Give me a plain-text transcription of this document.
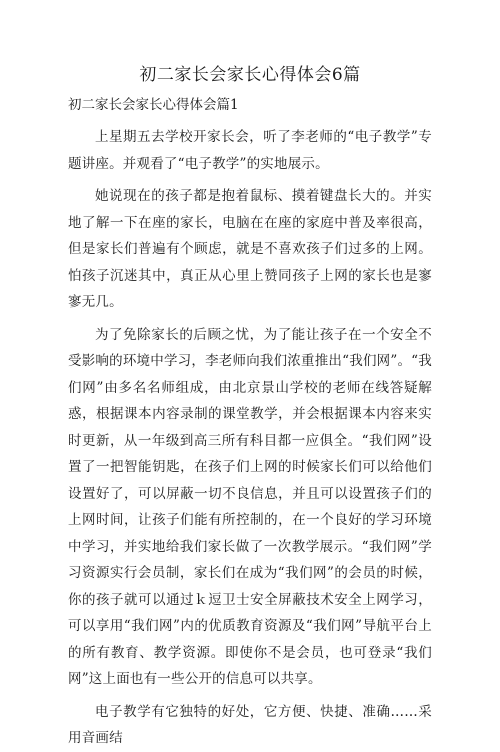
初二家长会家长心得体会6篇
初二家长会家长心得体会篇1

上星期五去学校开家长会，听了李老师的“电子教学”专题讲座。并观看了“电子教学”的实地展示。

她说现在的孩子都是抱着鼠标、摸着键盘长大的。并实地了解一下在座的家长，电脑在在座的家庭中普及率很高，但是家长们普遍有个顾虑，就是不喜欢孩子们过多的上网。怕孩子沉迷其中，真正从心里上赞同孩子上网的家长也是寥寥无几。

为了免除家长的后顾之忧，为了能让孩子在一个安全不受影响的环境中学习，李老师向我们浓重推出“我们网”。“我们网”由多名名师组成，由北京景山学校的老师在线答疑解惑，根据课本内容录制的课堂教学，并会根据课本内容来实时更新，从一年级到高三所有科目都一应俱全。“我们网”设置了一把智能钥匙，在孩子们上网的时候家长们可以给他们设置好了，可以屏蔽一切不良信息，并且可以设置孩子们的上网时间，让孩子们能有所控制的，在一个良好的学习环境中学习，并实地给我们家长做了一次教学展示。“我们网”学习资源实行会员制，家长们在成为“我们网”的会员的时候，你的孩子就可以通过ｋ逗卫士安全屏蔽技术安全上网学习，可以享用“我们网”内的优质教育资源及“我们网”导航平台上的所有教育、教学资源。即使你不是会员，也可登录“我们网”这上面也有一些公开的信息可以共享。

电子教学有它独特的好处，它方便、快捷、准确……采用音画结
